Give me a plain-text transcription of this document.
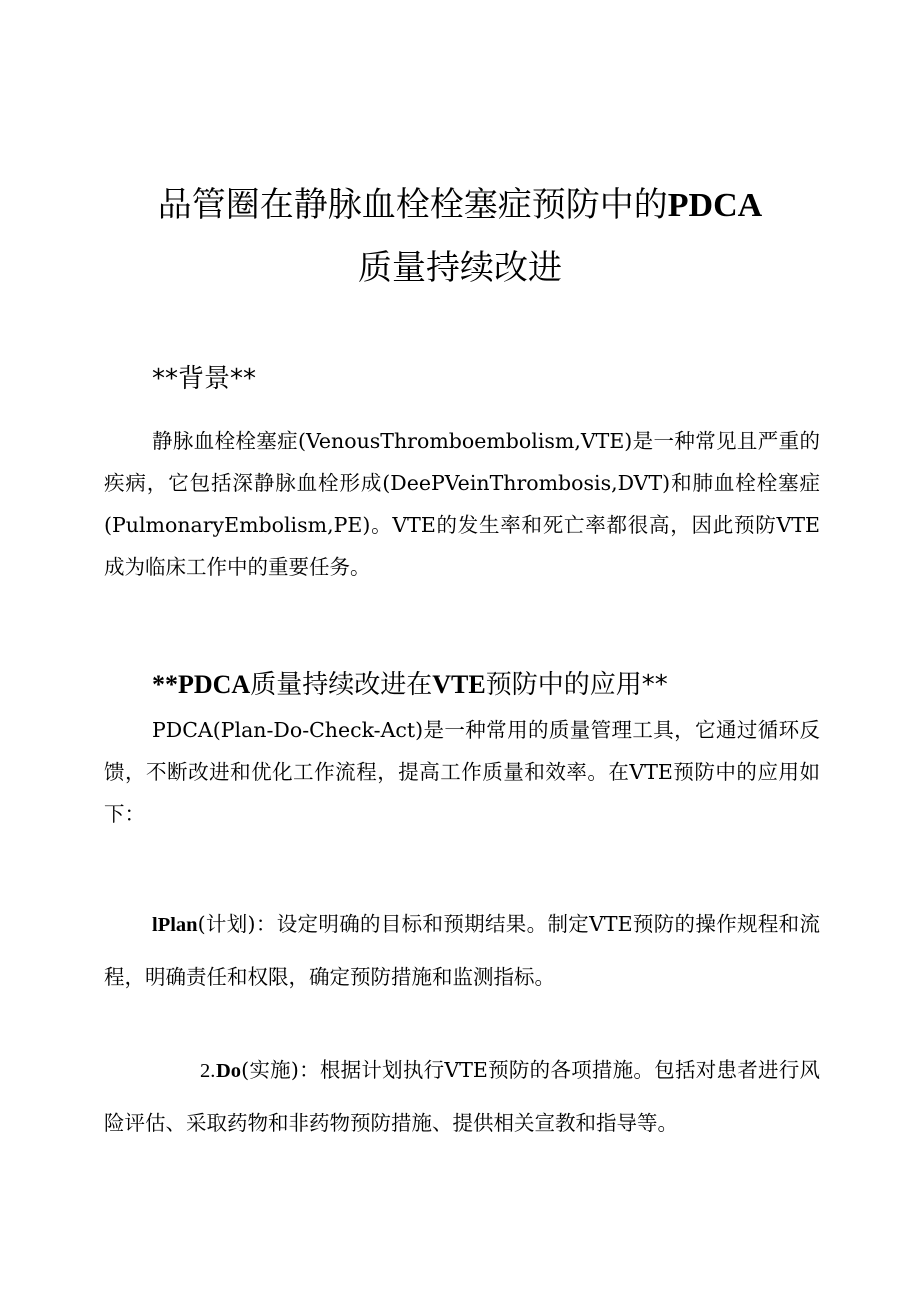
品管圈在静脉血栓栓塞症预防中的PDCA
质量持续改进
**背景**

静脉血栓栓塞症(VenousThromboembolism,VTE)是一种常见且严重的疾病，它包括深静脉血栓形成(DeePVeinThrombosis,DVT)和肺血栓栓塞症(PulmonaryEmbolism,PE)。VTE的发生率和死亡率都很高，因此预防VTE成为临床工作中的重要任务。

**PDCA质量持续改进在VTE预防中的应用**

PDCA(Plan-Do-Check-Act)是一种常用的质量管理工具，它通过循环反馈，不断改进和优化工作流程，提高工作质量和效率。在VTE预防中的应用如下：

lPlan(计划)：设定明确的目标和预期结果。制定VTE预防的操作规程和流程，明确责任和权限，确定预防措施和监测指标。

2.Do(实施)：根据计划执行VTE预防的各项措施。包括对患者进行风险评估、采取药物和非药物预防措施、提供相关宣教和指导等。
